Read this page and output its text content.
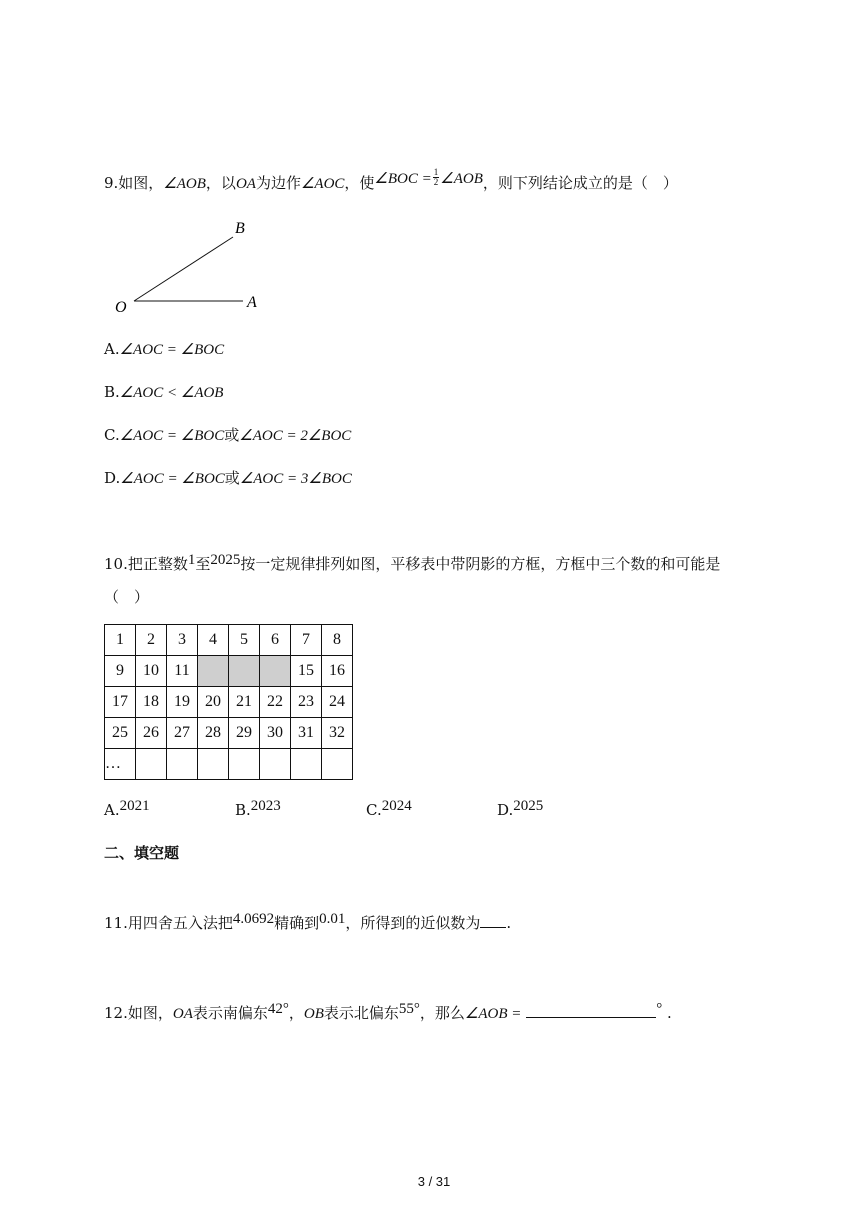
9.如图，∠AOB，以OA为边作∠AOC，使∠BOC = $\frac{1}{2}$ ∠AOB，则下列结论成立的是（　）
B
O	A
A.∠AOC = ∠BOC
B.∠AOC < ∠AOB
C.∠AOC = ∠BOC或∠AOC = 2∠BOC
D.∠AOC = ∠BOC或∠AOC = 3∠BOC
10.把正整数1至2025按一定规律排列如图，平移表中带阴影的方框，方框中三个数的和可能是
（　）
1	2	3	4	5	6	7	8
9	10	11				15	16
17	18	19	20	21	22	23	24
25	26	27	28	29	30	31	32
…							
A.2021	B.2023	C.2024	D.2025
二、填空题
11.用四舍五入法把4.0692精确到0.01，所得到的近似数为 .
12.如图，OA表示南偏东42°，OB表示北偏东55°，那么∠AOB =	° .
3 / 31
